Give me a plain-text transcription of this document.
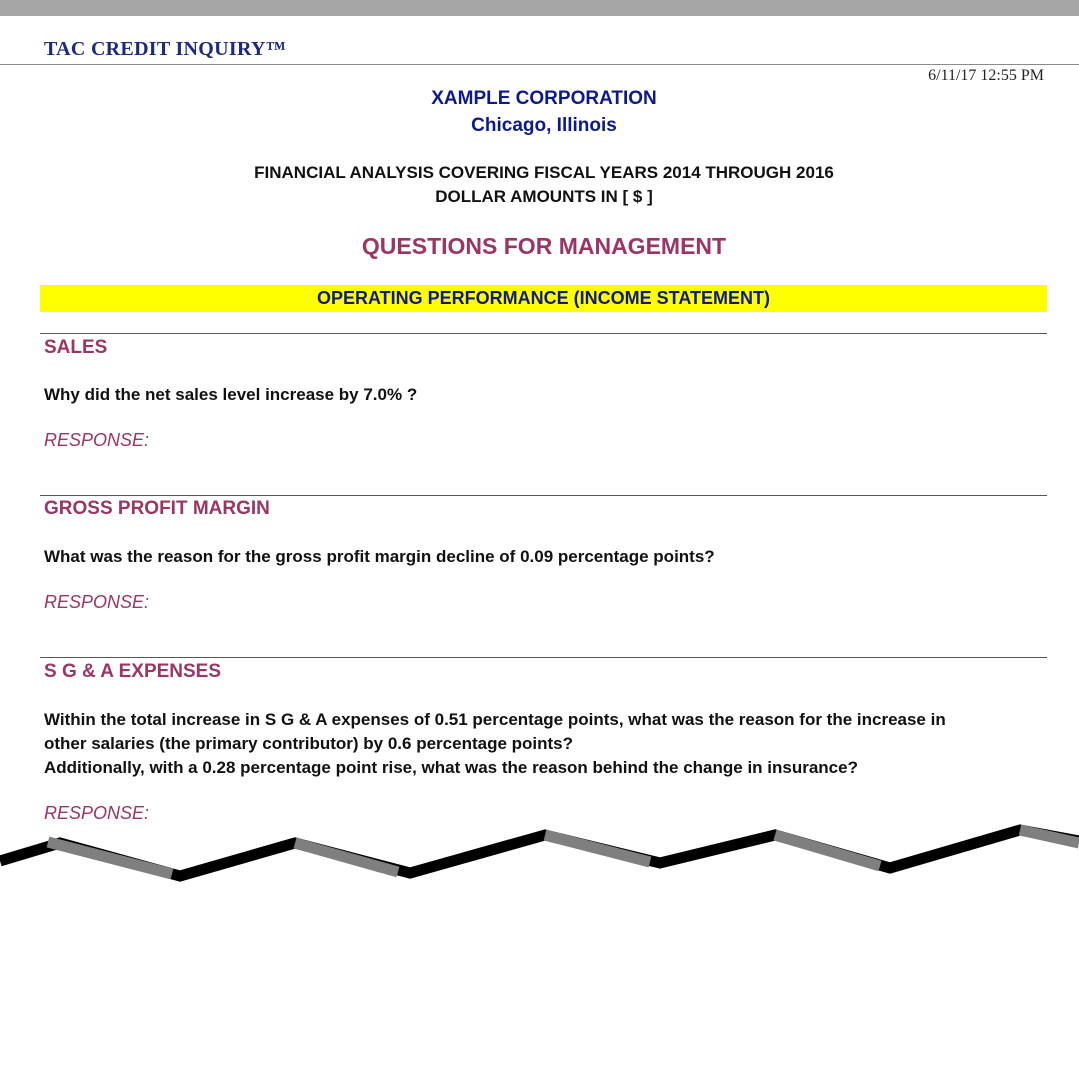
TAC CREDIT INQUIRY™
6/11/17 12:55 PM
XAMPLE CORPORATION
Chicago, Illinois
FINANCIAL ANALYSIS COVERING FISCAL YEARS 2014 THROUGH 2016
DOLLAR AMOUNTS IN [ $ ]
QUESTIONS FOR MANAGEMENT
OPERATING PERFORMANCE (INCOME STATEMENT)
SALES
Why did the net sales level increase by 7.0% ?
RESPONSE:
GROSS PROFIT MARGIN
What was the reason for the gross profit margin decline of 0.09 percentage points?
RESPONSE:
S G & A EXPENSES
Within the total increase in S G & A expenses of 0.51 percentage points, what was the reason for the increase in
other salaries (the primary contributor) by 0.6 percentage points?
Additionally, with a 0.28 percentage point rise, what was the reason behind the change in insurance?
RESPONSE:
